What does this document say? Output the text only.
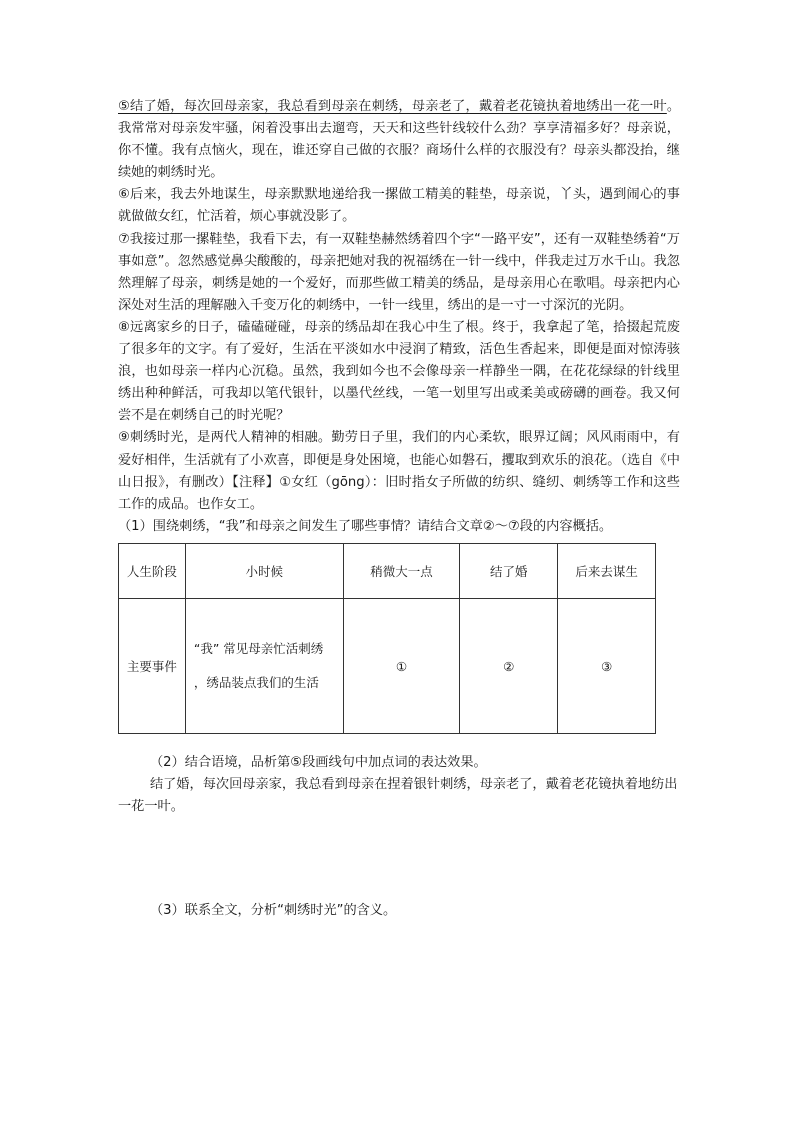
⑤结了婚，每次回母亲家，我总看到母亲在刺绣，母亲老了，戴着老花镜执着地绣出一花一叶。我常常对母亲发牢骚，闲着没事出去遛弯，天天和这些针线较什么劲？享享清福多好？母亲说，你不懂。我有点恼火，现在，谁还穿自己做的衣服？商场什么样的衣服没有？母亲头都没抬，继续她的刺绣时光。

⑥后来，我去外地谋生，母亲默默地递给我一摞做工精美的鞋垫，母亲说，丫头，遇到闹心的事就做做女红，忙活着，烦心事就没影了。

⑦我接过那一摞鞋垫，我看下去，有一双鞋垫赫然绣着四个字“一路平安”，还有一双鞋垫绣着“万事如意”。忽然感觉鼻尖酸酸的，母亲把她对我的祝福绣在一针一线中，伴我走过万水千山。我忽然理解了母亲，刺绣是她的一个爱好，而那些做工精美的绣品，是母亲用心在歌唱。母亲把内心深处对生活的理解融入千变万化的刺绣中，一针一线里，绣出的是一寸一寸深沉的光阴。

⑧远离家乡的日子，磕磕碰碰，母亲的绣品却在我心中生了根。终于，我拿起了笔，拾掇起荒废了很多年的文字。有了爱好，生活在平淡如水中浸润了精致，活色生香起来，即便是面对惊涛骇浪，也如母亲一样内心沉稳。虽然，我到如今也不会像母亲一样静坐一隅，在花花绿绿的针线里绣出种种鲜活，可我却以笔代银针，以墨代丝线，一笔一划里写出或柔美或磅礴的画卷。我又何尝不是在刺绣自己的时光呢？

⑨刺绣时光，是两代人精神的相融。勤劳日子里，我们的内心柔软，眼界辽阔；风风雨雨中，有爱好相伴，生活就有了小欢喜，即便是身处困境，也能心如磐石，攫取到欢乐的浪花。（选自《中山日报》，有删改）【注释】①女红（gōng）：旧时指女子所做的纺织、缝纫、刺绣等工作和这些工作的成品。也作女工。

（1）围绕刺绣，“我”和母亲之间发生了哪些事情？请结合文章②～⑦段的内容概括。

人生阶段	小时候	稍微大一点	结了婚	后来去谋生
主要事件	“我” 常见母亲忙活刺绣 ，绣品装点我们的生活	①	②	③

（2）结合语境，品析第⑤段画线句中加点词的表达效果。

结了婚，每次回母亲家，我总看到母亲在捏着银针刺绣，母亲老了，戴着老花镜执着地纺出一花一叶。

（3）联系全文，分析“刺绣时光”的含义。
